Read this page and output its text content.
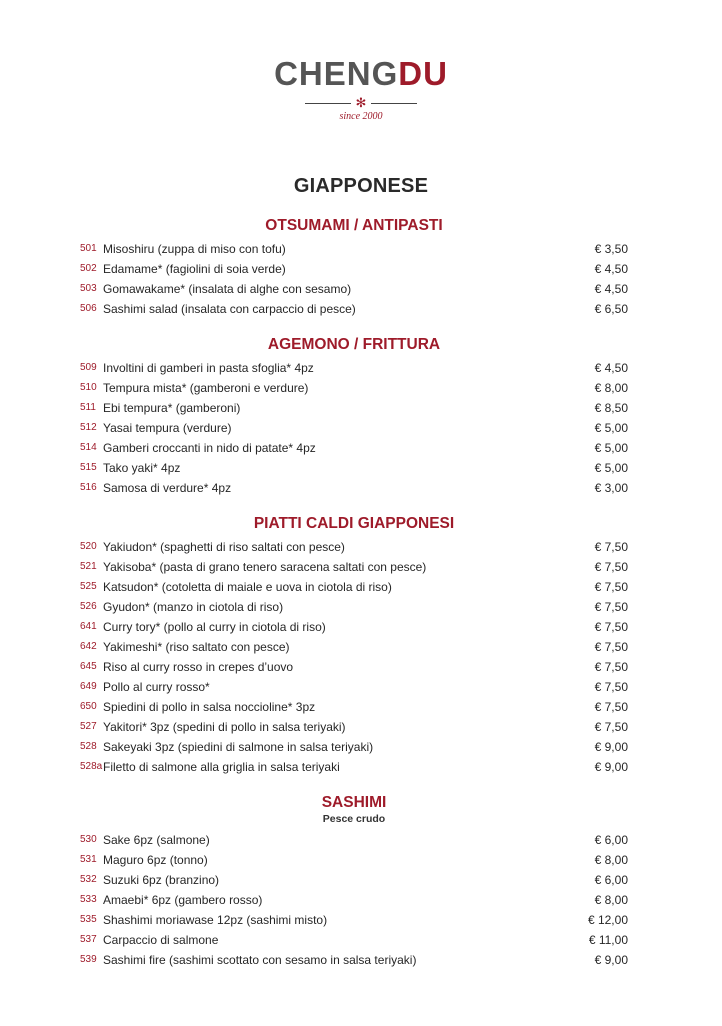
CHENGDU
✻
since 2000
GIAPPONESE
OTSUMAMI / ANTIPASTI
501 Misoshiru (zuppa di miso con tofu)	€ 3,50
502 Edamame* (fagiolini di soia verde)	€ 4,50
503 Gomawakame* (insalata di alghe con sesamo)	€ 4,50
506 Sashimi salad (insalata con carpaccio di pesce)	€ 6,50
AGEMONO / FRITTURA
509 Involtini di gamberi in pasta sfoglia* 4pz	€ 4,50
510 Tempura mista* (gamberoni e verdure)	€ 8,00
511 Ebi tempura* (gamberoni)	€ 8,50
512 Yasai tempura (verdure)	€ 5,00
514 Gamberi croccanti in nido di patate* 4pz	€ 5,00
515 Tako yaki* 4pz	€ 5,00
516 Samosa di verdure* 4pz	€ 3,00
PIATTI CALDI GIAPPONESI
520 Yakiudon* (spaghetti di riso saltati con pesce)	€ 7,50
521 Yakisoba* (pasta di grano tenero saracena saltati con pesce)	€ 7,50
525 Katsudon* (cotoletta di maiale e uova in ciotola di riso)	€ 7,50
526 Gyudon* (manzo in ciotola di riso)	€ 7,50
641 Curry tory* (pollo al curry in ciotola di riso)	€ 7,50
642 Yakimeshi* (riso saltato con pesce)	€ 7,50
645 Riso al curry rosso in crepes d’uovo	€ 7,50
649 Pollo al curry rosso*	€ 7,50
650 Spiedini di pollo in salsa noccioline* 3pz	€ 7,50
527 Yakitori* 3pz (spedini di pollo in salsa teriyaki)	€ 7,50
528 Sakeyaki 3pz (spiedini di salmone in salsa teriyaki)	€ 9,00
528a Filetto di salmone alla griglia in salsa teriyaki	€ 9,00
SASHIMI
Pesce crudo
530 Sake 6pz (salmone)	€ 6,00
531 Maguro 6pz (tonno)	€ 8,00
532 Suzuki 6pz (branzino)	€ 6,00
533 Amaebi* 6pz (gambero rosso)	€ 8,00
535 Shashimi moriawase 12pz (sashimi misto)	€ 12,00
537 Carpaccio di salmone	€ 11,00
539 Sashimi fire (sashimi scottato con sesamo in salsa teriyaki)	€ 9,00
